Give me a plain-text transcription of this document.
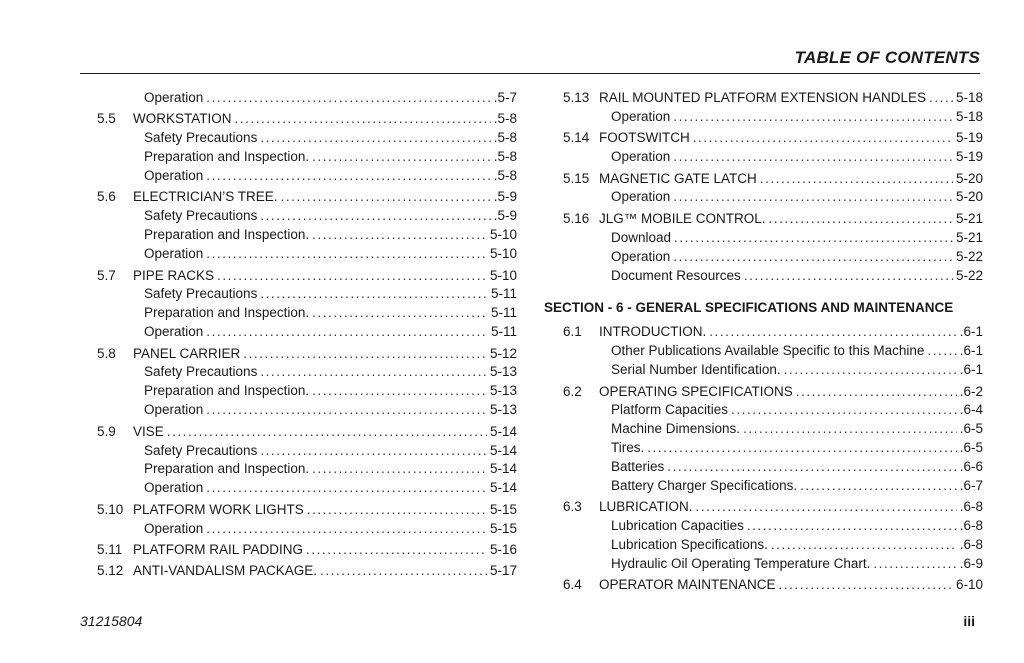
TABLE OF CONTENTS
Operation . . .	.5-7
5.5	WORKSTATION . . .	.5-8
Safety Precautions . . .	.5-8
Preparation and Inspection. . . .	.5-8
Operation . . .	.5-8
5.6	ELECTRICIAN’S TREE. . . .	.5-9
Safety Precautions . . .	.5-9
Preparation and Inspection. . . .	5-10
Operation . . .	5-10
5.7	PIPE RACKS . . .	5-10
Safety Precautions . . .	5-11
Preparation and Inspection. . . .	5-11
Operation . . .	5-11
5.8	PANEL CARRIER . . .	5-12
Safety Precautions . . .	5-13
Preparation and Inspection. . . .	5-13
Operation . . .	5-13
5.9	VISE . . .	5-14
Safety Precautions . . .	5-14
Preparation and Inspection. . . .	5-14
Operation . . .	5-14
5.10 PLATFORM WORK LIGHTS . . .	5-15
Operation . . .	5-15
5.11 PLATFORM RAIL PADDING . . .	5-16
5.12 ANTI-VANDALISM PACKAGE. . . .	5-17
5.13 RAIL MOUNTED PLATFORM EXTENSION HANDLES . . . 5-18
Operation . . .	5-18
5.14 FOOTSWITCH . . .	5-19
Operation . . .	5-19
5.15 MAGNETIC GATE LATCH . . .	5-20
Operation . . .	5-20
5.16 JLG™ MOBILE CONTROL. . . .	5-21
Download . . .	5-21
Operation . . .	5-22
Document Resources . . .	5-22
SECTION - 6 - GENERAL SPECIFICATIONS AND MAINTENANCE
6.1	INTRODUCTION. . . .	.6-1
Other Publications Available Specific to this Machine . . .	.6-1
Serial Number Identification. . . .	.6-1
6.2	OPERATING SPECIFICATIONS . . .	.6-2
Platform Capacities . . .	.6-4
Machine Dimensions. . . .	.6-5
Tires. . . .	.6-5
Batteries . . .	.6-6
Battery Charger Specifications. . . .	.6-7
6.3	LUBRICATION. . . .	.6-8
Lubrication Capacities . . .	.6-8
Lubrication Specifications. . . .	.6-8
Hydraulic Oil Operating Temperature Chart. . . .	.6-9
6.4	OPERATOR MAINTENANCE . . .	6-10
31215804	iii
